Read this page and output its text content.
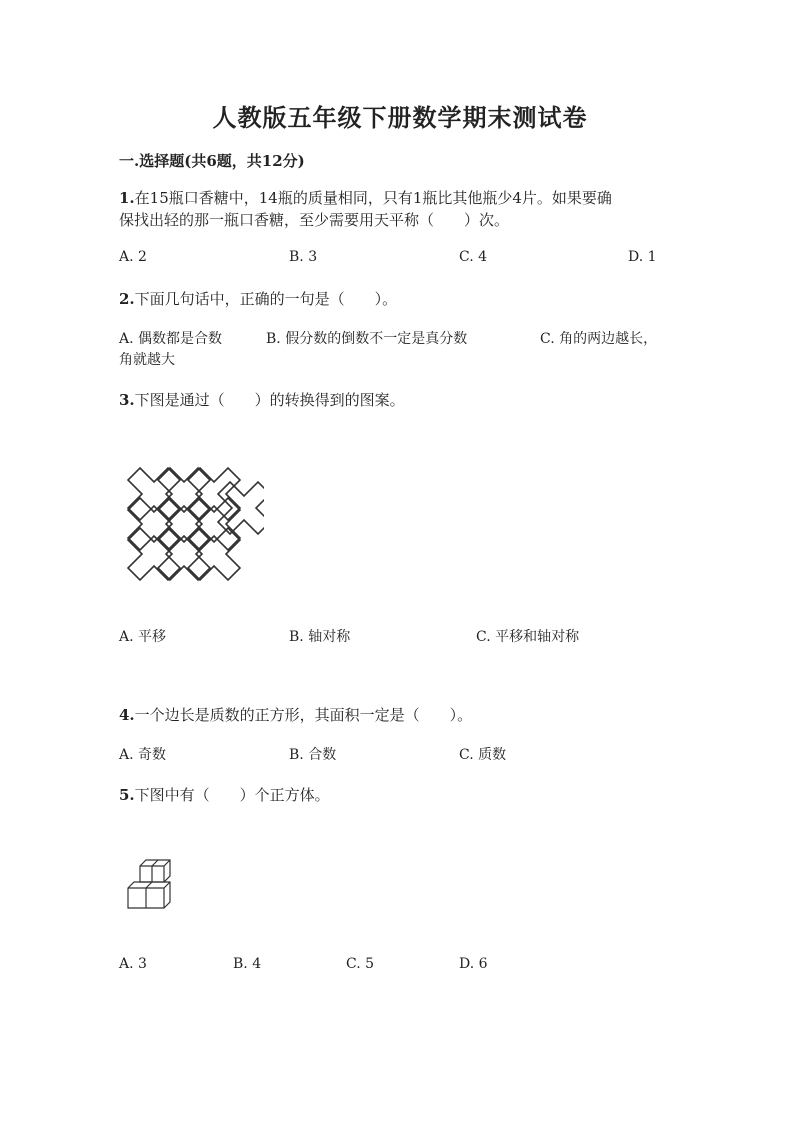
人教版五年级下册数学期末测试卷
一.选择题(共6题，共12分)
1.在15瓶口香糖中，14瓶的质量相同，只有1瓶比其他瓶少4片。如果要确
保找出轻的那一瓶口香糖，至少需要用天平称（　　）次。
A. 2	B. 3	C. 4	D. 1
2.下面几句话中，正确的一句是（　　）。
A. 偶数都是合数	B. 假分数的倒数不一定是真分数	C. 角的两边越长，
角就越大
3.下图是通过（　　）的转换得到的图案。
A. 平移	B. 轴对称	C. 平移和轴对称
4.一个边长是质数的正方形，其面积一定是（　　）。
A. 奇数	B. 合数	C. 质数
5.下图中有（　　）个正方体。
A. 3	B. 4	C. 5	D. 6
